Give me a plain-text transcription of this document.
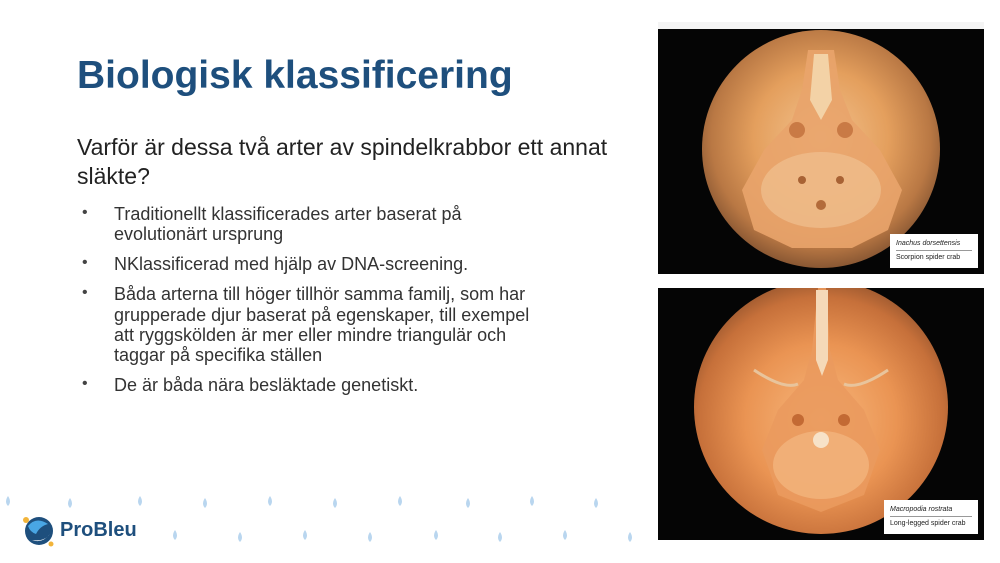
Biologisk klassificering
Varför är dessa två arter av spindelkrabbor ett annat släkte?
• Traditionellt klassificerades arter baserat på evolutionärt ursprung
• NKlassificerad med hjälp av DNA-screening.
• Båda arterna till höger tillhör samma familj, som har grupperade djur baserat på egenskaper, till exempel att ryggskölden är mer eller mindre triangulär och taggar på specifika ställen
• De är båda nära besläktade genetiskt.
Inachus dorsettensis
Scorpion spider crab
Macropodia rostrata
Long-legged spider crab
ProBleu
